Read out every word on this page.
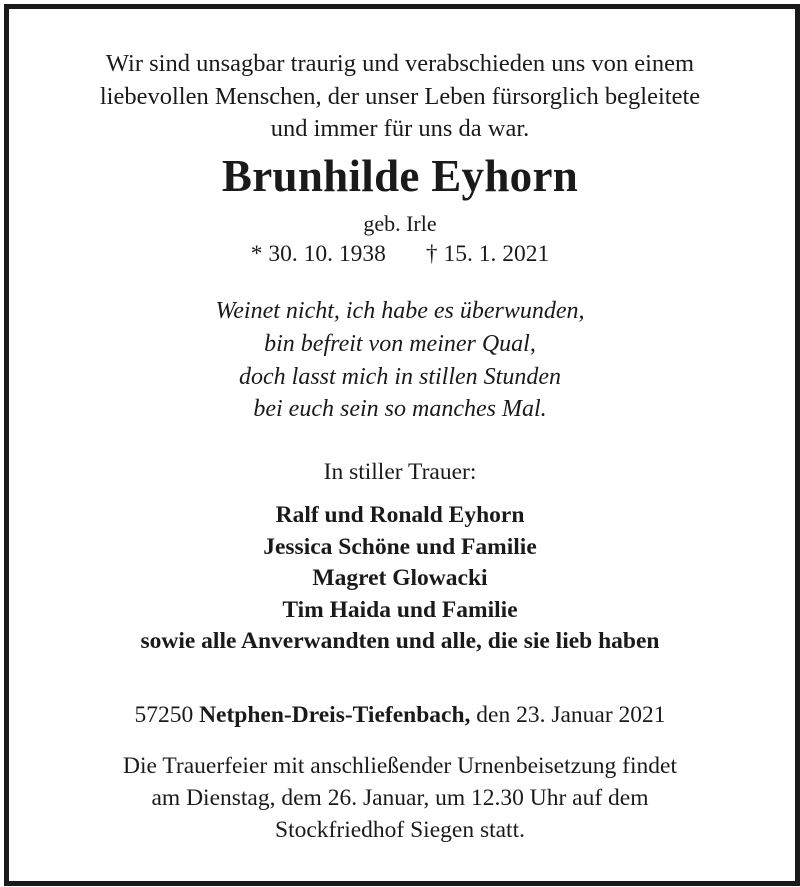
Wir sind unsagbar traurig und verabschieden uns von einem
liebevollen Menschen, der unser Leben fürsorglich begleitete
und immer für uns da war.
Brunhilde Eyhorn
geb. Irle
* 30. 10. 1938 † 15. 1. 2021
Weinet nicht, ich habe es überwunden,
bin befreit von meiner Qual,
doch lasst mich in stillen Stunden
bei euch sein so manches Mal.
In stiller Trauer:
Ralf und Ronald Eyhorn
Jessica Schöne und Familie
Magret Glowacki
Tim Haida und Familie
sowie alle Anverwandten und alle, die sie lieb haben
57250 Netphen-Dreis-Tiefenbach, den 23. Januar 2021
Die Trauerfeier mit anschließender Urnenbeisetzung findet
am Dienstag, dem 26. Januar, um 12.30 Uhr auf dem
Stockfriedhof Siegen statt.
